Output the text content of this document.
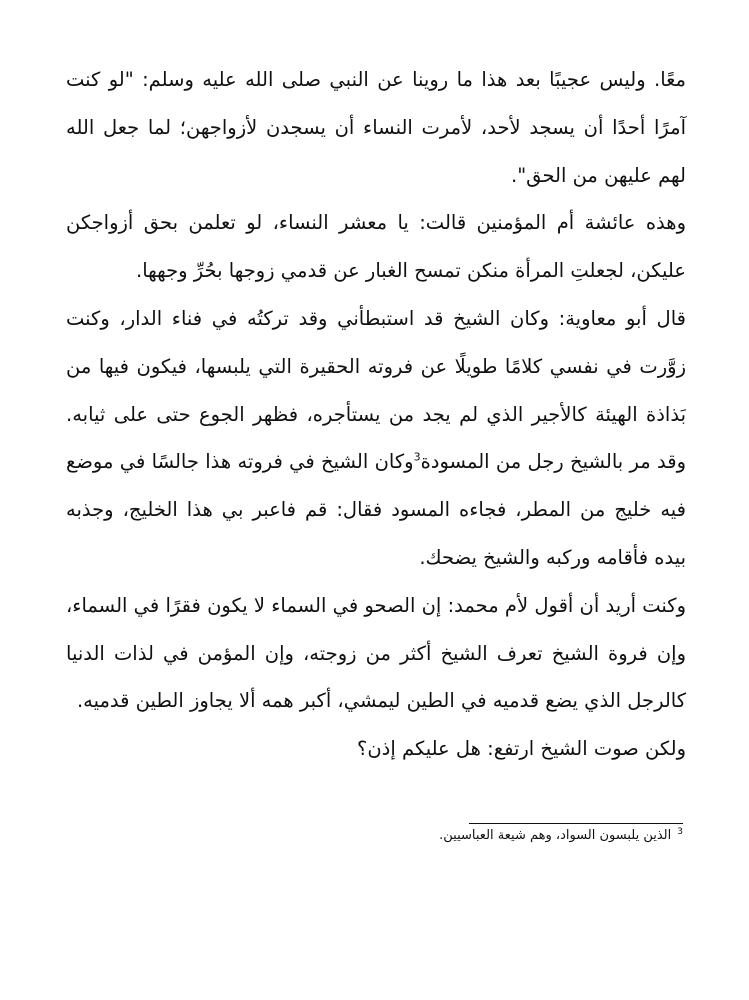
معًا. وليس عجيبًا بعد هذا ما روينا عن النبي صلى الله عليه وسلم: "لو كنت آمرًا أحدًا أن يسجد لأحد، لأمرت النساء أن يسجدن لأزواجهن؛ لما جعل الله لهم عليهن من الحق".

وهذه عائشة أم المؤمنين قالت: يا معشر النساء، لو تعلمن بحق أزواجكن عليكن، لجعلتِ المرأة منكن تمسح الغبار عن قدمي زوجها بحُرِّ وجهها.

قال أبو معاوية: وكان الشيخ قد استبطأني وقد تركتُه في فناء الدار، وكنت زوَّرت في نفسي كلامًا طويلًا عن فروته الحقيرة التي يلبسها، فيكون فيها من بَذاذة الهيئة كالأجير الذي لم يجد من يستأجره، فظهر الجوع حتى على ثيابه. وقد مر بالشيخ رجل من المسودة$^3$وكان الشيخ في فروته هذا جالسًا في موضع فيه خليج من المطر، فجاءه المسود فقال: قم فاعبر بي هذا الخليج، وجذبه بيده فأقامه وركبه والشيخ يضحك.

وكنت أريد أن أقول لأم محمد: إن الصحو في السماء لا يكون فقرًا في السماء، وإن فروة الشيخ تعرف الشيخ أكثر من زوجته، وإن المؤمن في لذات الدنيا كالرجل الذي يضع قدميه في الطين ليمشي، أكبر همه ألا يجاوز الطين قدميه.

ولكن صوت الشيخ ارتفع: هل عليكم إذن؟

$^3$الذين يلبسون السواد، وهم شيعة العباسيين.
